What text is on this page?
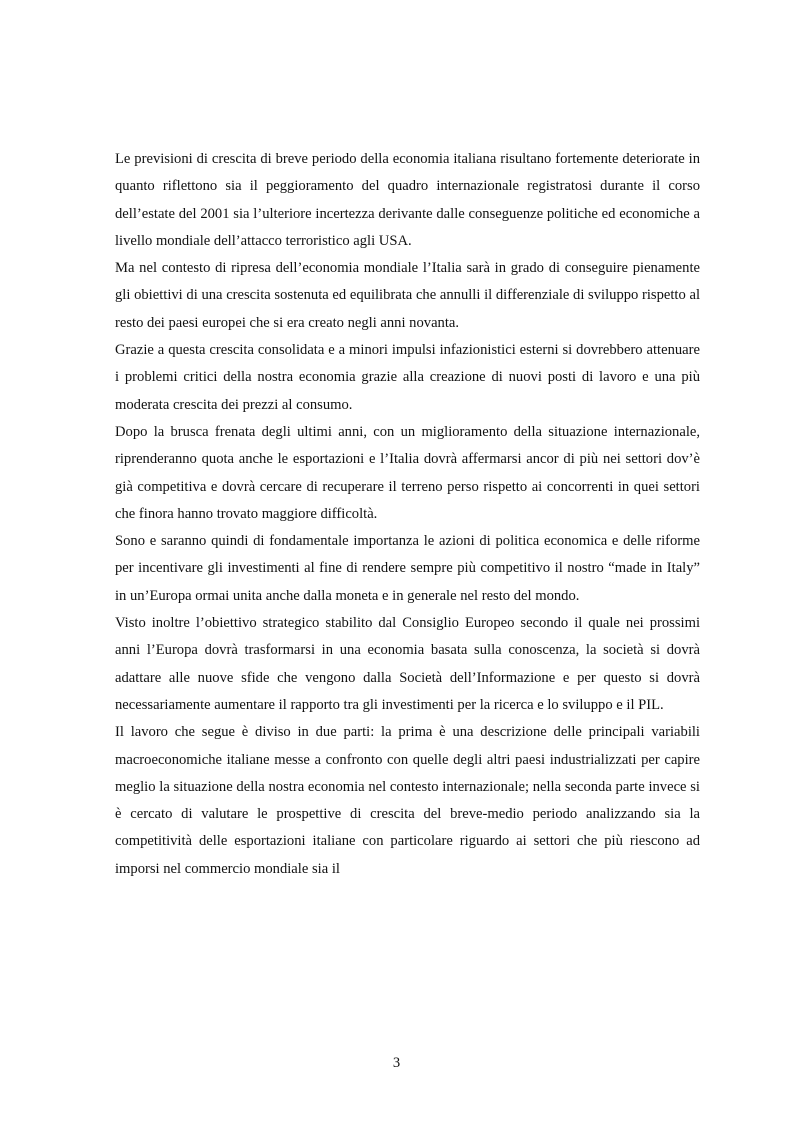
Le previsioni di crescita di breve periodo della economia italiana risultano fortemente deteriorate in quanto riflettono sia il peggioramento del quadro internazionale registratosi durante il corso dell’estate del 2001 sia l’ulteriore incertezza derivante dalle conseguenze politiche ed economiche a livello mondiale dell’attacco terroristico agli USA.

Ma nel contesto di ripresa dell’economia mondiale l’Italia sarà in grado di conseguire pienamente gli obiettivi di una crescita sostenuta ed equilibrata che annulli il differenziale di sviluppo rispetto al resto dei paesi europei che si era creato negli anni novanta.

Grazie a questa crescita consolidata e a minori impulsi infazionistici esterni si dovrebbero attenuare i problemi critici della nostra economia grazie alla creazione di nuovi posti di lavoro e una più moderata crescita dei prezzi al consumo.

Dopo la brusca frenata degli ultimi anni, con un miglioramento della situazione internazionale, riprenderanno quota anche le esportazioni e l’Italia dovrà affermarsi ancor di più nei settori dov’è già competitiva e dovrà cercare di recuperare il terreno perso rispetto ai concorrenti in quei settori che finora hanno trovato maggiore difficoltà.

Sono e saranno quindi di fondamentale importanza le azioni di politica economica e delle riforme per incentivare gli investimenti al fine di rendere sempre più competitivo il nostro “made in Italy” in un’Europa ormai unita anche dalla moneta e in generale nel resto del mondo.

Visto inoltre l’obiettivo strategico stabilito dal Consiglio Europeo secondo il quale nei prossimi anni l’Europa dovrà trasformarsi in una economia basata sulla conoscenza, la società si dovrà adattare alle nuove sfide che vengono dalla Società dell’Informazione e per questo si dovrà necessariamente aumentare il rapporto tra gli investimenti per la ricerca e lo sviluppo e il PIL.

Il lavoro che segue è diviso in due parti: la prima è una descrizione delle principali variabili macroeconomiche italiane messe a confronto con quelle degli altri paesi industrializzati per capire meglio la situazione della nostra economia nel contesto internazionale; nella seconda parte invece si è cercato di valutare le prospettive di crescita del breve-medio periodo analizzando sia la competitività delle esportazioni italiane con particolare riguardo ai settori che più riescono ad imporsi nel commercio mondiale sia il

3
